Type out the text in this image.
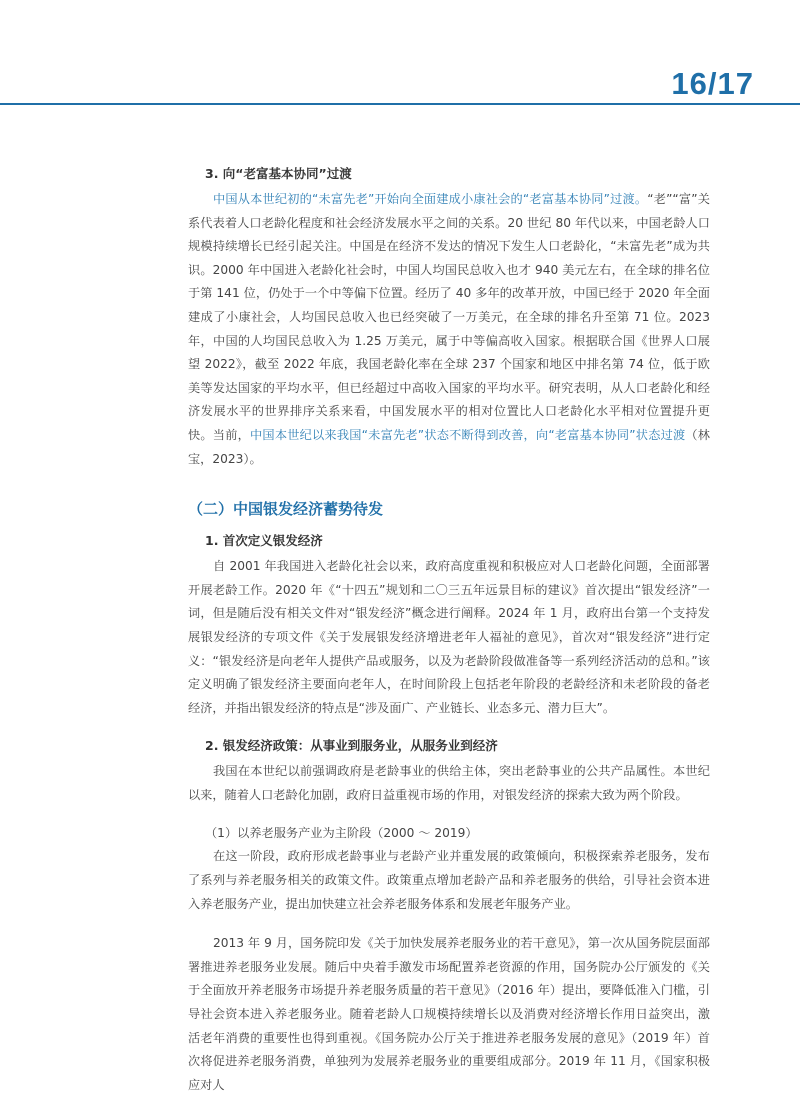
16/17
3. 向“老富基本协同”过渡

中国从本世纪初的“未富先老”开始向全面建成小康社会的“老富基本协同”过渡。“老”“富”关系代表着人口老龄化程度和社会经济发展水平之间的关系。20 世纪 80 年代以来，中国老龄人口规模持续增长已经引起关注。中国是在经济不发达的情况下发生人口老龄化，“未富先老”成为共识。2000 年中国进入老龄化社会时，中国人均国民总收入也才 940 美元左右，在全球的排名位于第 141 位，仍处于一个中等偏下位置。经历了 40 多年的改革开放，中国已经于 2020 年全面建成了小康社会，人均国民总收入也已经突破了一万美元，在全球的排名升至第 71 位。2023 年，中国的人均国民总收入为 1.25 万美元，属于中等偏高收入国家。根据联合国《世界人口展望 2022》，截至 2022 年底，我国老龄化率在全球 237 个国家和地区中排名第 74 位，低于欧美等发达国家的平均水平，但已经超过中高收入国家的平均水平。研究表明，从人口老龄化和经济发展水平的世界排序关系来看，中国发展水平的相对位置比人口老龄化水平相对位置提升更快。当前，中国本世纪以来我国“未富先老”状态不断得到改善，向“老富基本协同”状态过渡（林宝，2023）。

（二）中国银发经济蓄势待发
1. 首次定义银发经济

自 2001 年我国进入老龄化社会以来，政府高度重视和积极应对人口老龄化问题，全面部署开展老龄工作。2020 年《“十四五”规划和二〇三五年远景目标的建议》首次提出“银发经济”一词，但是随后没有相关文件对“银发经济”概念进行阐释。2024 年 1 月，政府出台第一个支持发展银发经济的专项文件《关于发展银发经济增进老年人福祉的意见》，首次对“银发经济”进行定义：“银发经济是向老年人提供产品或服务，以及为老龄阶段做准备等一系列经济活动的总和。”该定义明确了银发经济主要面向老年人，在时间阶段上包括老年阶段的老龄经济和未老阶段的备老经济，并指出银发经济的特点是“涉及面广、产业链长、业态多元、潜力巨大”。

2. 银发经济政策：从事业到服务业，从服务业到经济

我国在本世纪以前强调政府是老龄事业的供给主体，突出老龄事业的公共产品属性。本世纪以来，随着人口老龄化加剧，政府日益重视市场的作用，对银发经济的探索大致为两个阶段。

（1）以养老服务产业为主阶段（2000 ～ 2019）

在这一阶段，政府形成老龄事业与老龄产业并重发展的政策倾向，积极探索养老服务，发布了系列与养老服务相关的政策文件。政策重点增加老龄产品和养老服务的供给，引导社会资本进入养老服务产业，提出加快建立社会养老服务体系和发展老年服务产业。

2013 年 9 月，国务院印发《关于加快发展养老服务业的若干意见》，第一次从国务院层面部署推进养老服务业发展。随后中央着手激发市场配置养老资源的作用，国务院办公厅颁发的《关于全面放开养老服务市场提升养老服务质量的若干意见》（2016 年）提出，要降低准入门槛，引导社会资本进入养老服务业。随着老龄人口规模持续增长以及消费对经济增长作用日益突出，激活老年消费的重要性也得到重视。《国务院办公厅关于推进养老服务发展的意见》（2019 年）首次将促进养老服务消费，单独列为发展养老服务业的重要组成部分。2019 年 11 月，《国家积极应对人
